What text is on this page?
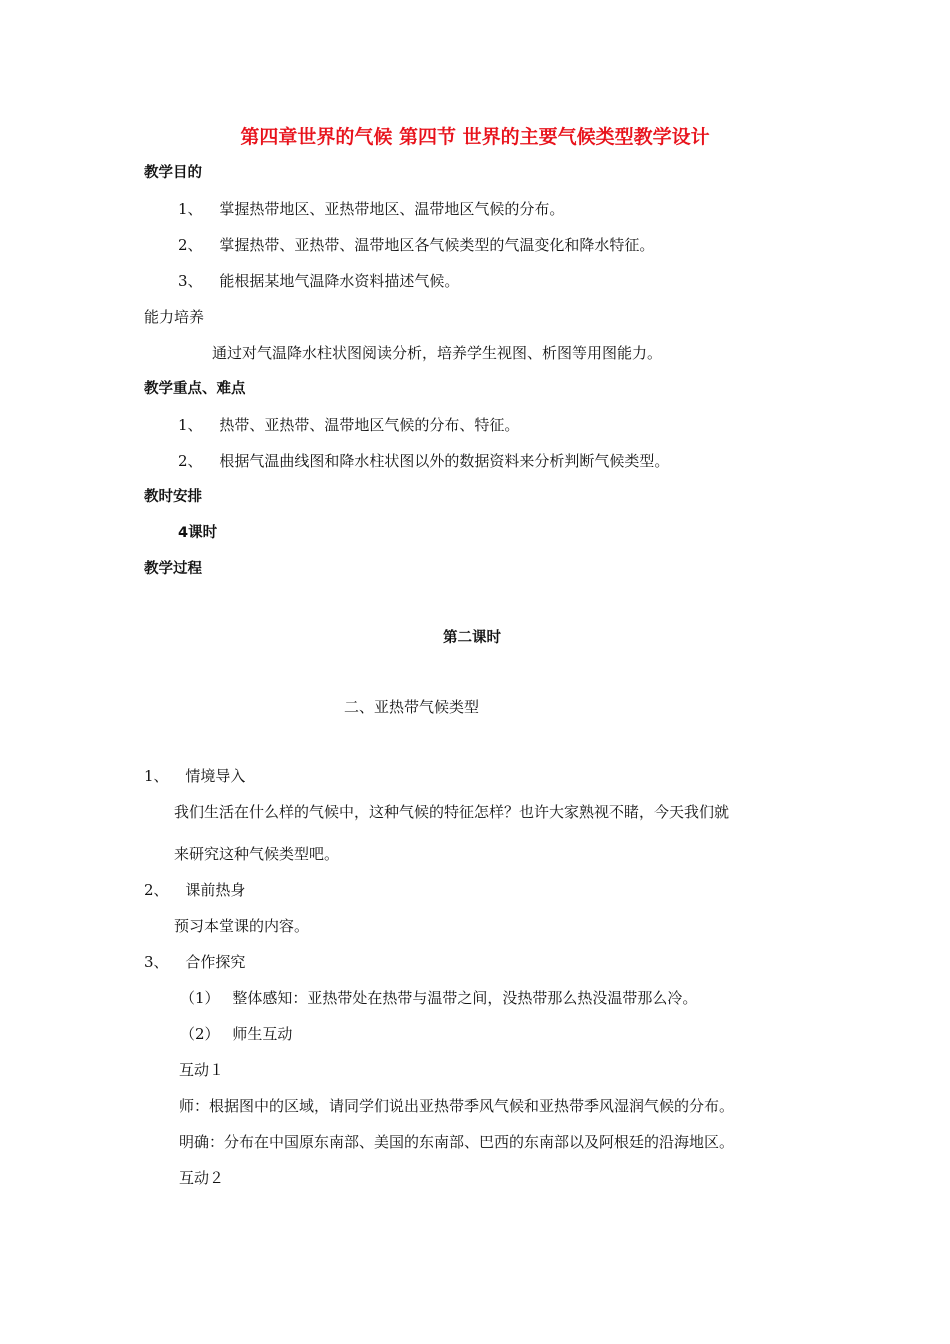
第四章世界的气候 第四节 世界的主要气候类型教学设计
教学目的
1、 掌握热带地区、亚热带地区、温带地区气候的分布。
2、 掌握热带、亚热带、温带地区各气候类型的气温变化和降水特征。
3、 能根据某地气温降水资料描述气候。
能力培养
通过对气温降水柱状图阅读分析，培养学生视图、析图等用图能力。
教学重点、难点
1、 热带、亚热带、温带地区气候的分布、特征。
2、 根据气温曲线图和降水柱状图以外的数据资料来分析判断气候类型。
教时安排
4课时
教学过程
第二课时
二、亚热带气候类型
1、 情境导入
我们生活在什么样的气候中，这种气候的特征怎样？也许大家熟视不睹，今天我们就
来研究这种气候类型吧。
2、 课前热身
预习本堂课的内容。
3、 合作探究
（1） 整体感知：亚热带处在热带与温带之间，没热带那么热没温带那么冷。
（2） 师生互动
互动１
师：根据图中的区域，请同学们说出亚热带季风气候和亚热带季风湿润气候的分布。
明确：分布在中国原东南部、美国的东南部、巴西的东南部以及阿根廷的沿海地区。
互动２
